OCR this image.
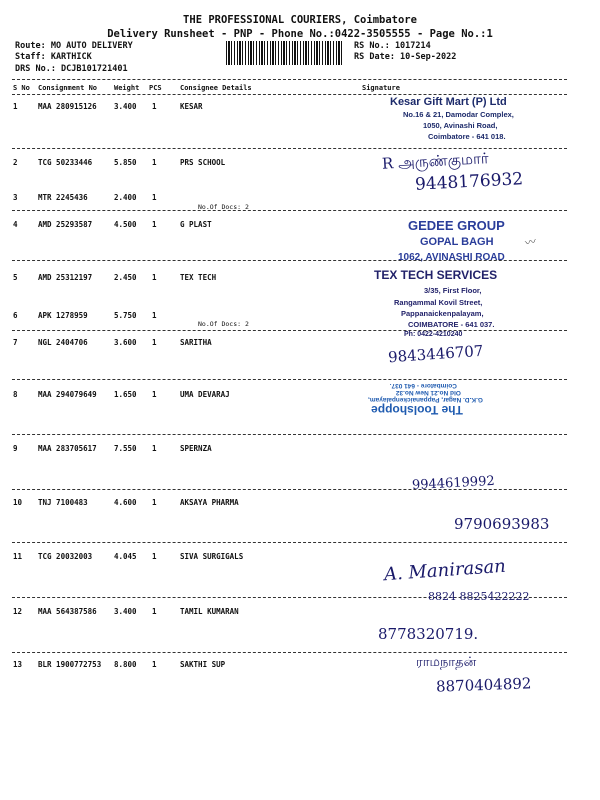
THE PROFESSIONAL COURIERS, Coimbatore
Delivery Runsheet - PNP - Phone No.:0422-3505555 - Page No.:1
Route: MO AUTO DELIVERY
Staff: KARTHICK
DRS No.: DCJB101721401
RS No.: 1017214
RS Date: 10-Sep-2022
S No Consignment No Weight PCS	Consignee Details	Signature
1	MAA 280915126 3.400 1	KESAR
2	TCG 50233446	5.850 1	PRS SCHOOL
3	MTR 2245436	2.400 1
No.Of Docs: 2
4	AMD 25293587	4.500 1	G PLAST
5	AMD 25312197	2.450 1	TEX TECH
6	APK 1278959	5.750 1
No.Of Docs: 2
7	NGL 2404706	3.600 1	SARITHA
8	MAA 294079649 1.650 1	UMA DEVARAJ
9	MAA 283705617 7.550 1	SPERNZA
10 TNJ 7100483	4.600 1	AKSAYA PHARMA
11 TCG 20032003	4.045 1	SIVA SURGIGALS
12 MAA 564387586 3.400 1	TAMIL KUMARAN
13 BLR 1900772753 8.800 1	SAKTHI SUP
Kesar Gift Mart (P) Ltd
No.16 & 21, Damodar Complex,
1050, Avinashi Road,
Coimbatore - 641 018.
R அருண்குமார்
9448176932
GEDEE GROUP
GOPAL BAGH
1062, AVINASHI ROAD
〰
TEX TECH SERVICES
3/35, First Floor,
Rangammal Kovil Street,
Pappanaickenpalayam,
COIMBATORE - 641 037.
Ph: 0422-4210240
9843446707
The Toolshoppe
G.K.D. Nagar, Pappanaickenpalayam,
Old No.21 New No.32
Coimbatore - 641 037.
9944619992
9790693983
A. Manirasan
8824 8825422222
8778320719.
ராமநாதன்
8870404892
